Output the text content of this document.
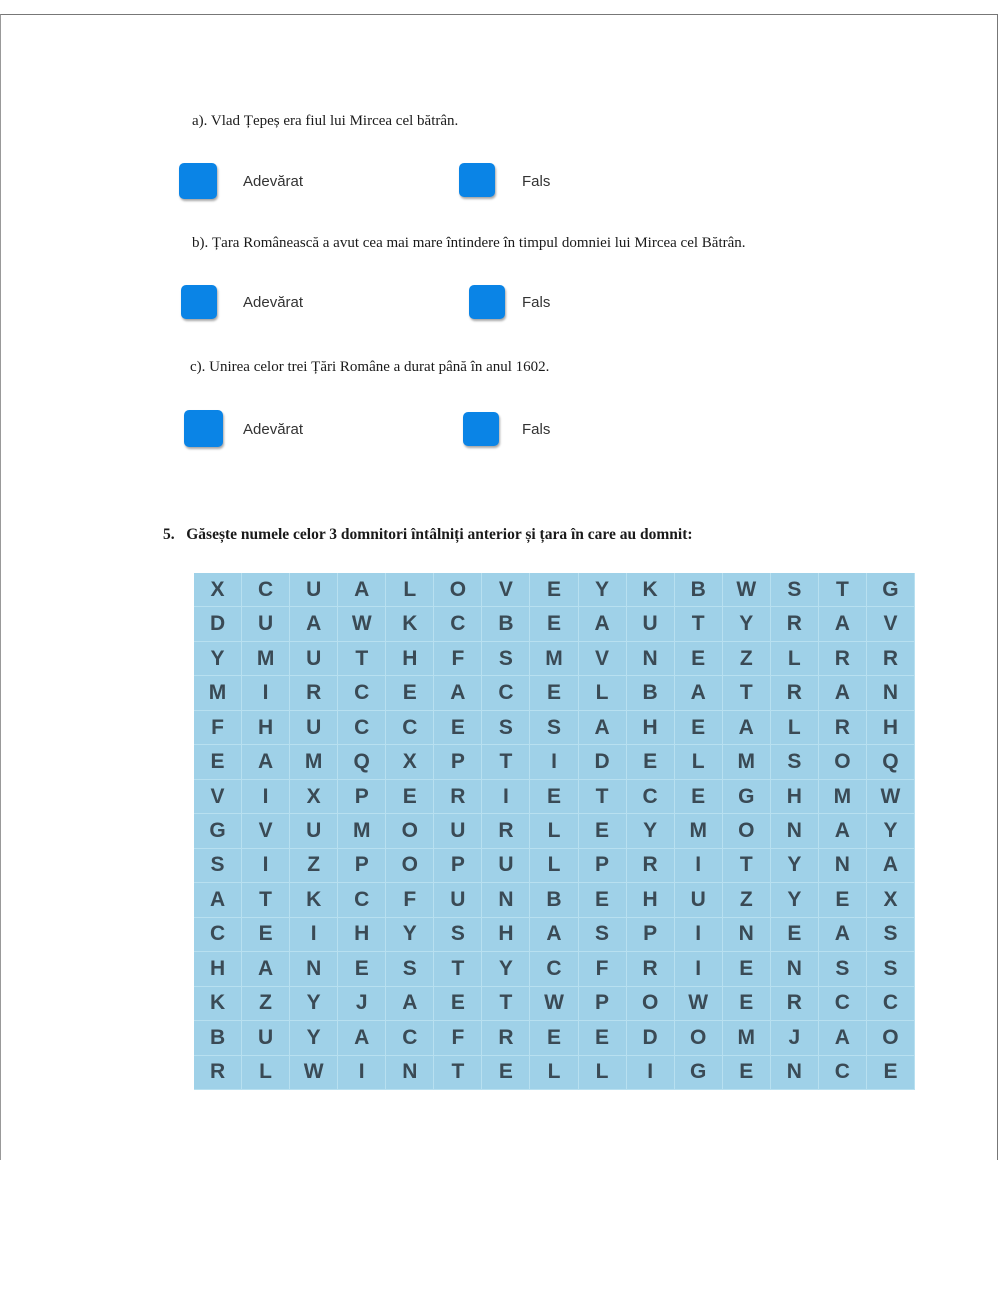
a). Vlad Țepeș era fiul lui Mircea cel bătrân.
Adevărat	Fals
b). Țara Românească a avut cea mai mare întindere în timpul domniei lui Mircea cel Bătrân.
Adevărat	Fals
c). Unirea celor trei Țări Române a durat până în anul 1602.
Adevărat	Fals
5.   Găsește numele celor 3 domnitori întâlniți anterior și țara în care au domnit:
X	C	U	A	L	O	V	E	Y	K	B	W	S	T	G
D	U	A	W	K	C	B	E	A	U	T	Y	R	A	V
Y	M	U	T	H	F	S	M	V	N	E	Z	L	R	R
M	I	R	C	E	A	C	E	L	B	A	T	R	A	N
F	H	U	C	C	E	S	S	A	H	E	A	L	R	H
E	A	M	Q	X	P	T	I	D	E	L	M	S	O	Q
V	I	X	P	E	R	I	E	T	C	E	G	H	M	W
G	V	U	M	O	U	R	L	E	Y	M	O	N	A	Y
S	I	Z	P	O	P	U	L	P	R	I	T	Y	N	A
A	T	K	C	F	U	N	B	E	H	U	Z	Y	E	X
C	E	I	H	Y	S	H	A	S	P	I	N	E	A	S
H	A	N	E	S	T	Y	C	F	R	I	E	N	S	S
K	Z	Y	J	A	E	T	W	P	O	W	E	R	C	C
B	U	Y	A	C	F	R	E	E	D	O	M	J	A	O
R	L	W	I	N	T	E	L	L	I	G	E	N	C	E
